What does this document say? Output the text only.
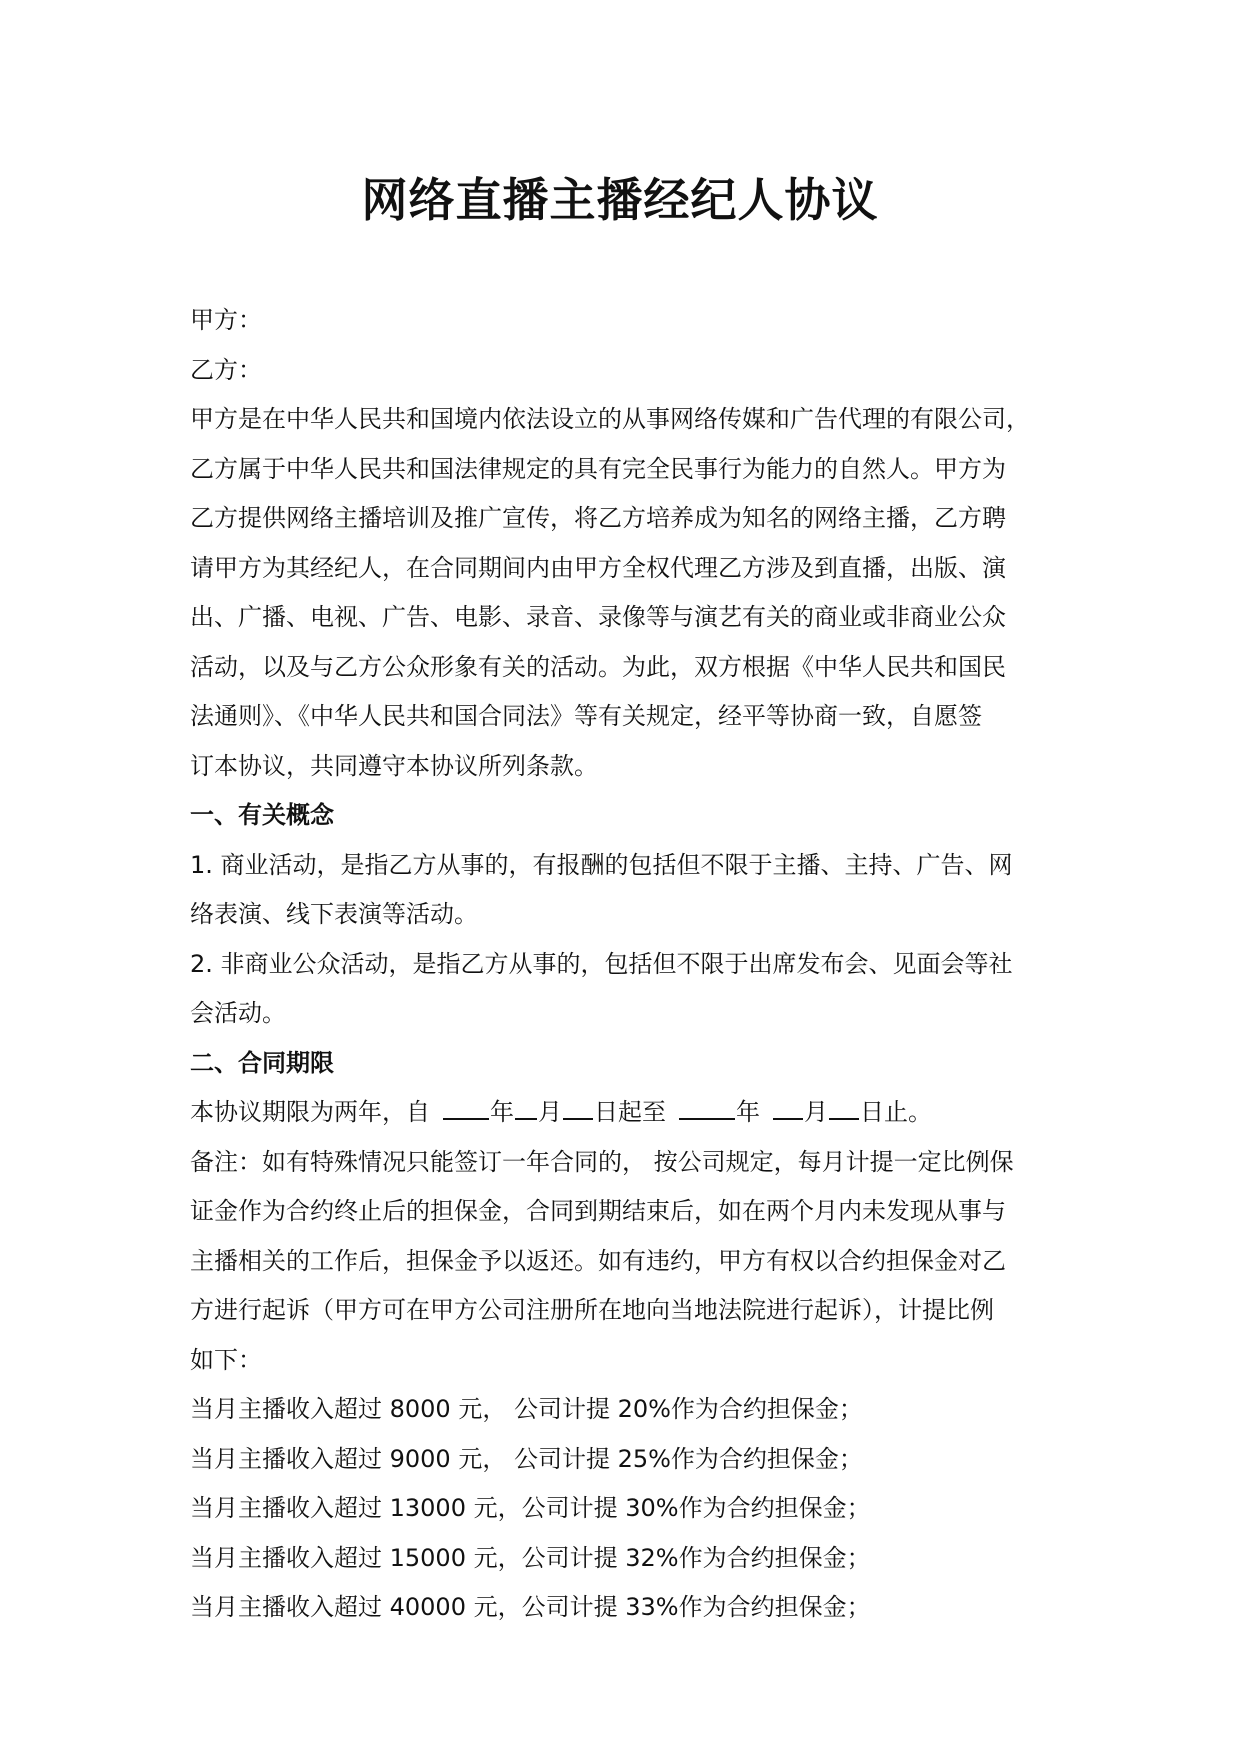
网络直播主播经纪人协议
甲方：
乙方：
甲方是在中华人民共和国境内依法设立的从事网络传媒和广告代理的有限公司，
乙方属于中华人民共和国法律规定的具有完全民事行为能力的自然人。甲方为
乙方提供网络主播培训及推广宣传，将乙方培养成为知名的网络主播，乙方聘
请甲方为其经纪人，在合同期间内由甲方全权代理乙方涉及到直播，出版、演
出、广播、电视、广告、电影、录音、录像等与演艺有关的商业或非商业公众
活动，以及与乙方公众形象有关的活动。为此，双方根据《中华人民共和国民
法通则》、《中华人民共和国合同法》等有关规定，经平等协商一致，自愿签
订本协议，共同遵守本协议所列条款。
一、有关概念
1. 商业活动，是指乙方从事的，有报酬的包括但不限于主播、主持、广告、网
络表演、线下表演等活动。
2. 非商业公众活动，是指乙方从事的，包括但不限于出席发布会、见面会等社
会活动。
二、合同期限
本协议期限为两年，自	年 月 日起至	年 月 日止。
备注：如有特殊情况只能签订一年合同的， 按公司规定，每月计提一定比例保
证金作为合约终止后的担保金，合同到期结束后，如在两个月内未发现从事与
主播相关的工作后，担保金予以返还。如有违约，甲方有权以合约担保金对乙
方进行起诉（甲方可在甲方公司注册所在地向当地法院进行起诉），计提比例
如下：
当月主播收入超过 8000 元， 公司计提 20%作为合约担保金；
当月主播收入超过 9000 元， 公司计提 25%作为合约担保金；
当月主播收入超过 13000 元，公司计提 30%作为合约担保金；
当月主播收入超过 15000 元，公司计提 32%作为合约担保金；
当月主播收入超过 40000 元，公司计提 33%作为合约担保金；
